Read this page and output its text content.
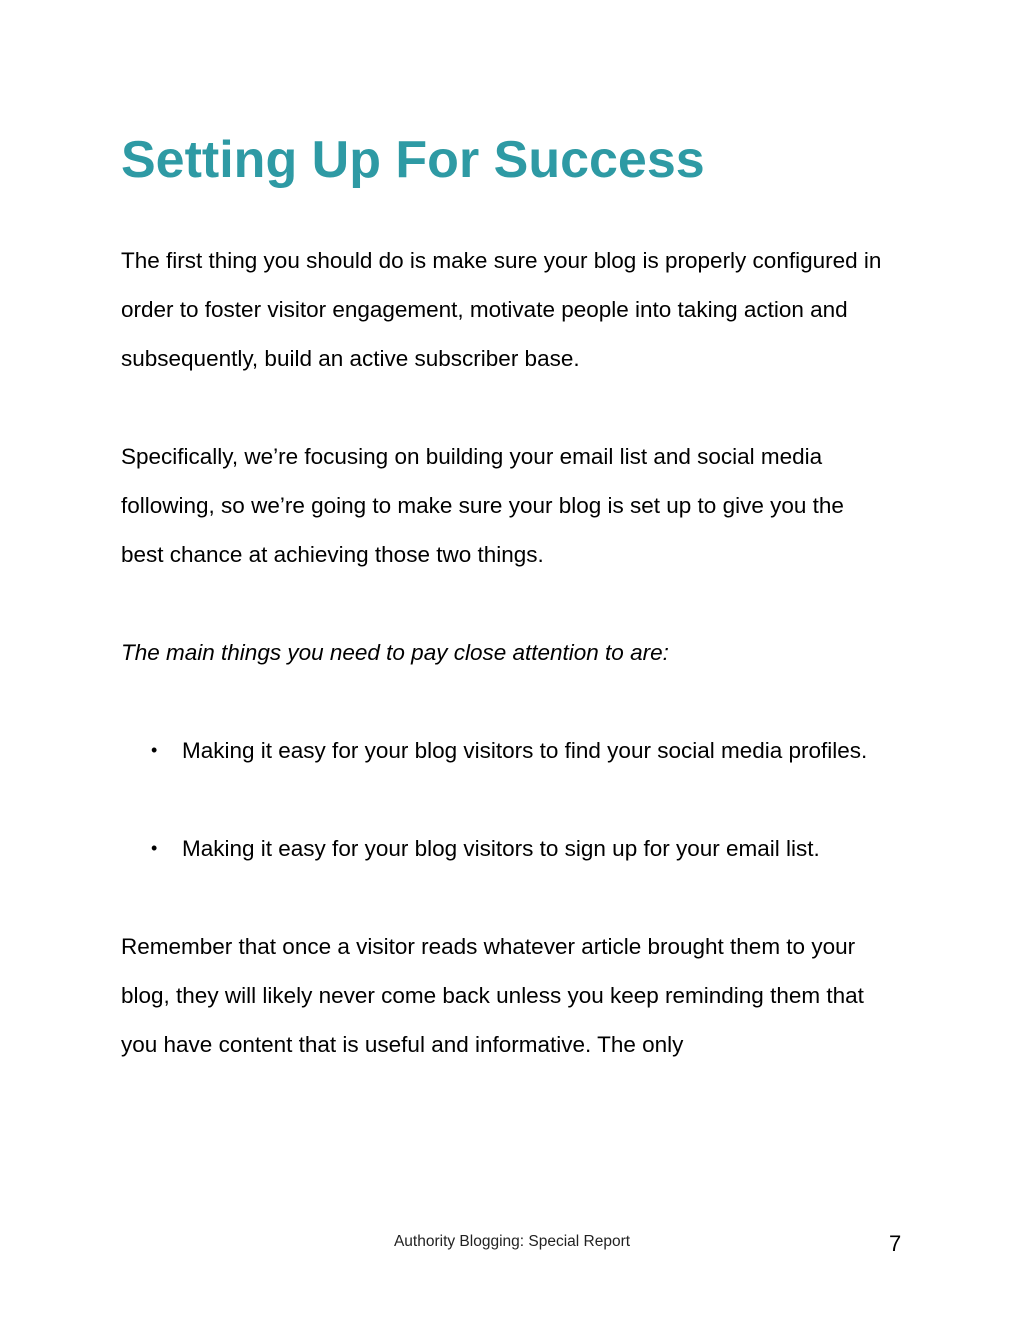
Setting Up For Success

The first thing you should do is make sure your blog is properly configured in order to foster visitor engagement, motivate people into taking action and subsequently, build an active subscriber base.

Specifically, we’re focusing on building your email list and social media following, so we’re going to make sure your blog is set up to give you the best chance at achieving those two things.

The main things you need to pay close attention to are:

• Making it easy for your blog visitors to find your social media profiles.
• Making it easy for your blog visitors to sign up for your email list.

Remember that once a visitor reads whatever article brought them to your blog, they will likely never come back unless you keep reminding them that you have content that is useful and informative. The only

Authority Blogging: Special Report	7
